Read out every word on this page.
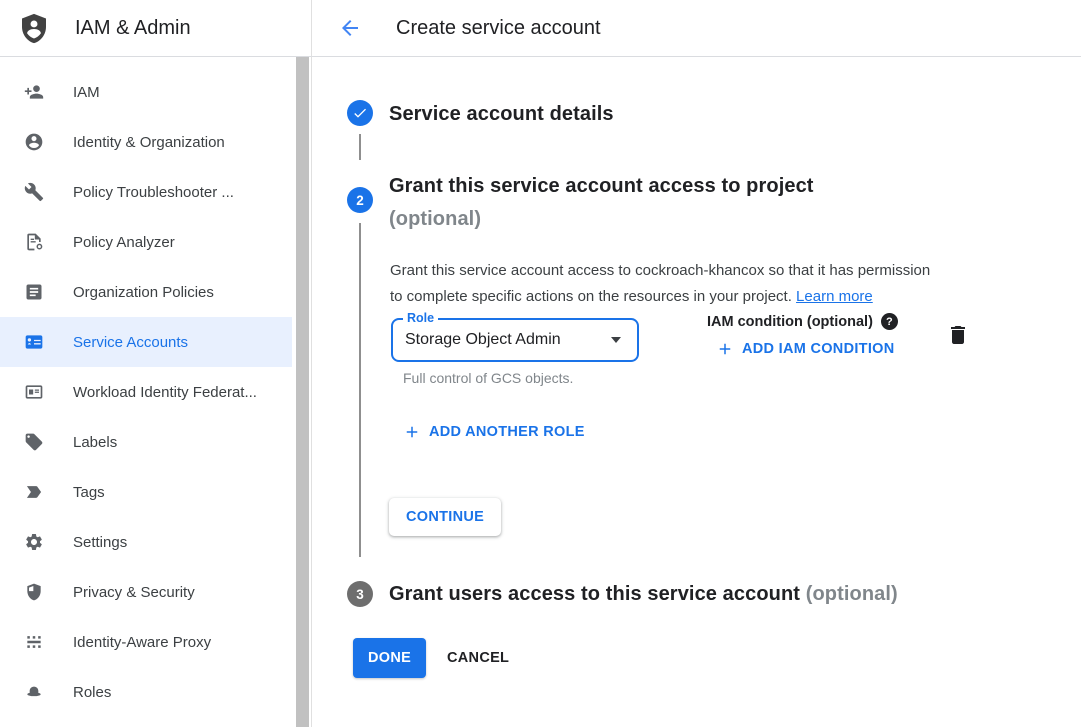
IAM & Admin	Create service account
IAM
Identity & Organization
Policy Troubleshooter ...
Policy Analyzer
Organization Policies
Service Accounts
Workload Identity Federat...
Labels
Tags
Settings
Privacy & Security
Identity-Aware Proxy
Roles
Service account details
2
Grant this service account access to project
(optional)

Grant this service account access to cockroach-khancox so that it has permission
to complete specific actions on the resources in your project. Learn more

Role
Storage Object Admin
Full control of GCS objects.
IAM condition (optional)	?
ADD IAM CONDITION
ADD ANOTHER ROLE
CONTINUE
3	Grant users access to this service account (optional)
DONE	CANCEL
